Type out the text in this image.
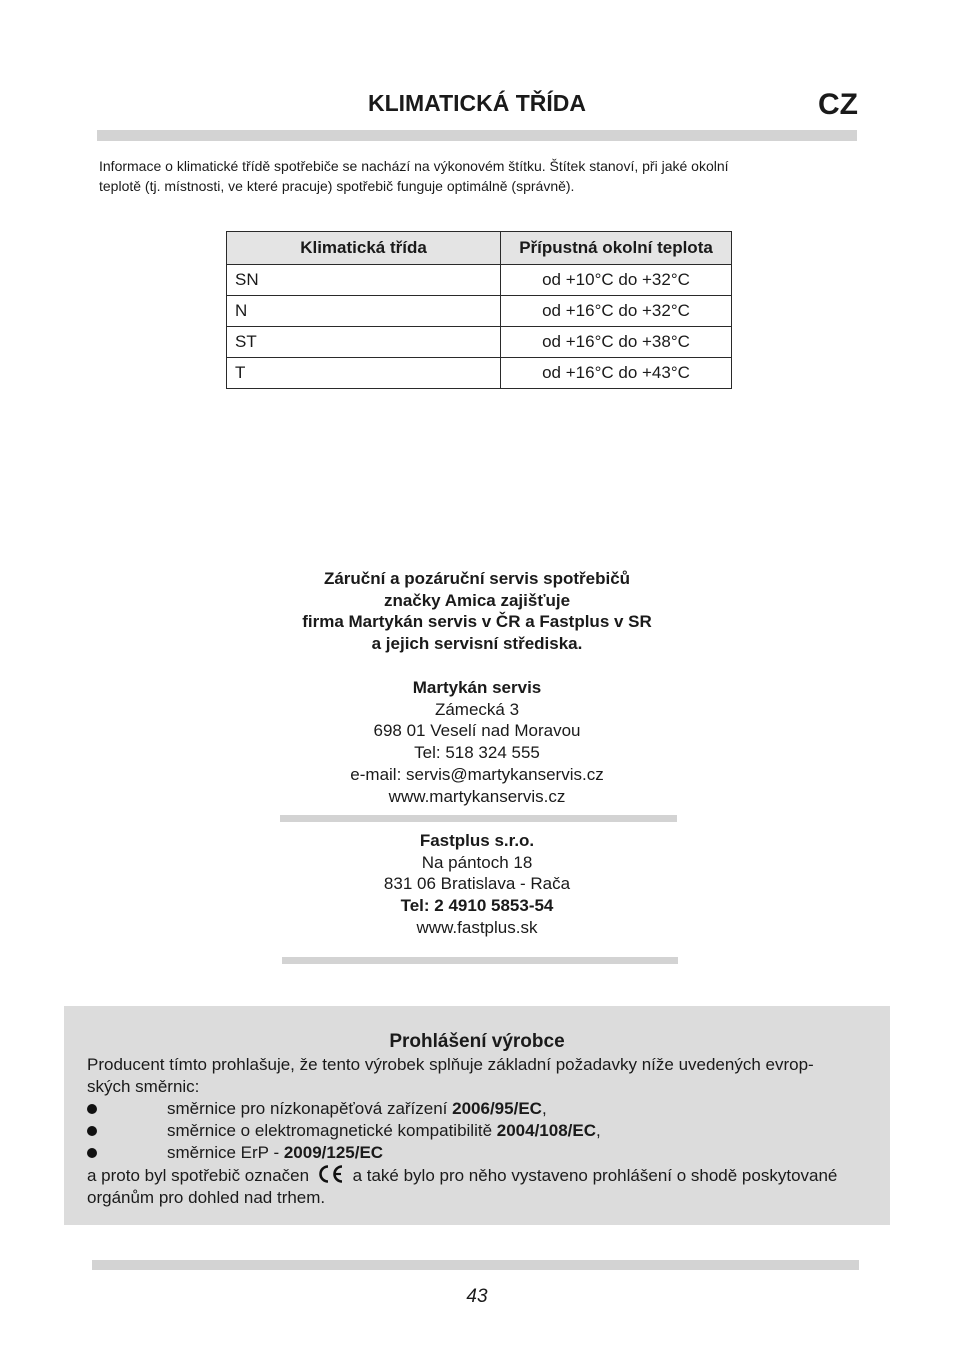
KLIMATICKÁ TŘÍDA	CZ
Informace o klimatické třídě spotřebiče se nachází na výkonovém štítku. Štítek stanoví, při jaké okolní
teplotě (tj. místnosti, ve které pracuje) spotřebič funguje optimálně (správně).
Klimatická třída	Přípustná okolní teplota
SN	od +10°C do +32°C
N	od +16°C do +32°C
ST	od +16°C do +38°C
T	od +16°C do +43°C
Záruční a pozáruční servis spotřebičů
značky Amica zajišťuje
firma Martykán servis v ČR a Fastplus v SR
a jejich servisní střediska.
Martykán servis
Zámecká 3
698 01 Veselí nad Moravou
Tel: 518 324 555
e-mail: servis@martykanservis.cz
www.martykanservis.cz
Fastplus s.r.o.
Na pántoch 18
831 06 Bratislava - Rača
Tel: 2 4910 5853-54
www.fastplus.sk
Prohlášení výrobce
Producent tímto prohlašuje, že tento výrobek splňuje základní požadavky níže uvedených evrop-
ských směrnic:
směrnice pro nízkonapěťová zařízení 2006/95/EC,
směrnice o elektromagnetické kompatibilitě 2004/108/EC,
směrnice ErP - 2009/125/EC
a proto byl spotřebič označen	a také bylo pro něho vystaveno prohlášení o shodě poskytované
orgánům pro dohled nad trhem.
43
